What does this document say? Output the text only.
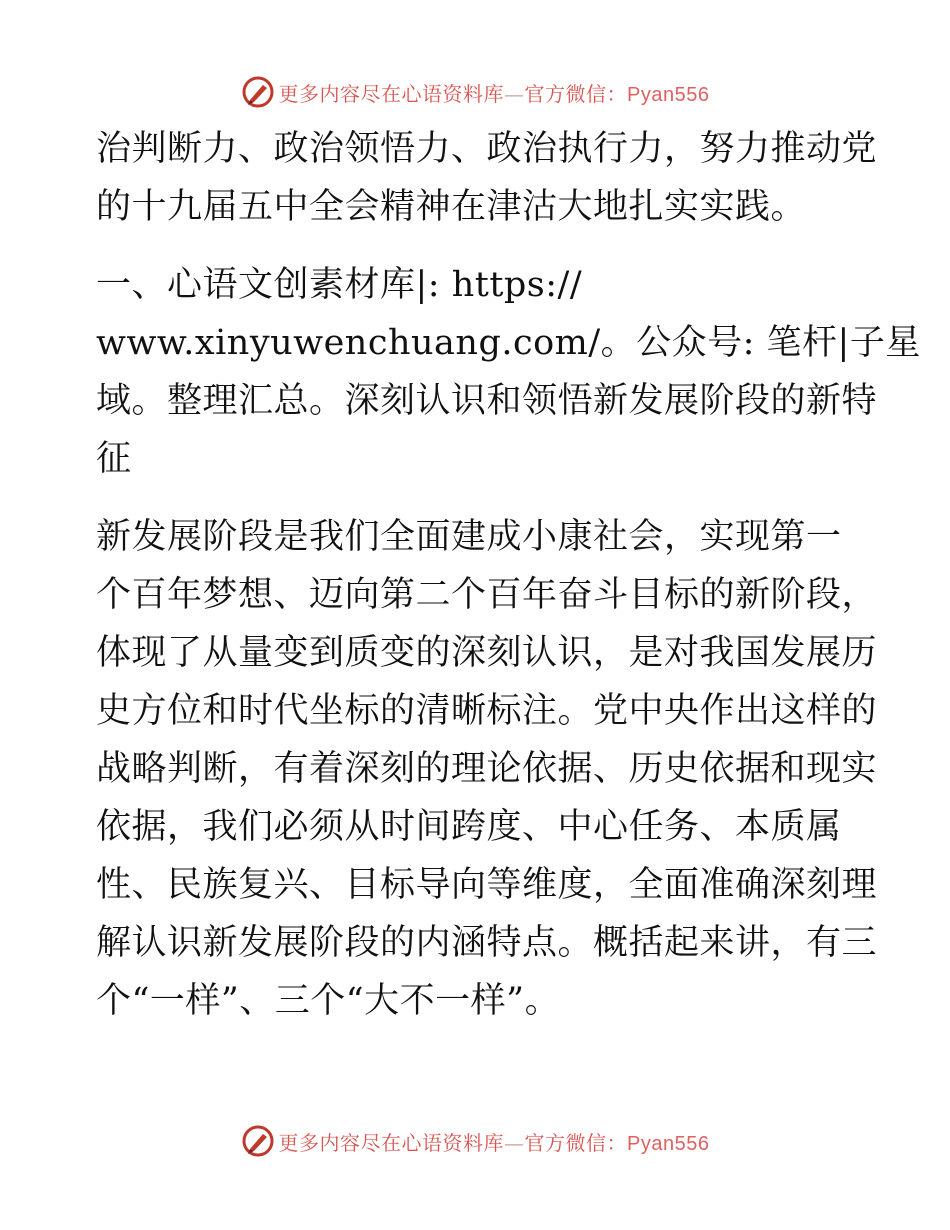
更多内容尽在心语资料库—官方微信：Pyan556
治判断力、政治领悟力、政治执行力，努力推动党
的十九届五中全会精神在津沽大地扎实实践。
一、心语文创素材库|: https://
www.xinyuwenchuang.com/。公众号: 笔杆|子星
域。整理汇总。深刻认识和领悟新发展阶段的新特
征
新发展阶段是我们全面建成小康社会，实现第一
个百年梦想、迈向第二个百年奋斗目标的新阶段，
体现了从量变到质变的深刻认识，是对我国发展历
史方位和时代坐标的清晰标注。党中央作出这样的
战略判断，有着深刻的理论依据、历史依据和现实
依据，我们必须从时间跨度、中心任务、本质属
性、民族复兴、目标导向等维度，全面准确深刻理
解认识新发展阶段的内涵特点。概括起来讲，有三
个“一样”、三个“大不一样”。
更多内容尽在心语资料库—官方微信：Pyan556
